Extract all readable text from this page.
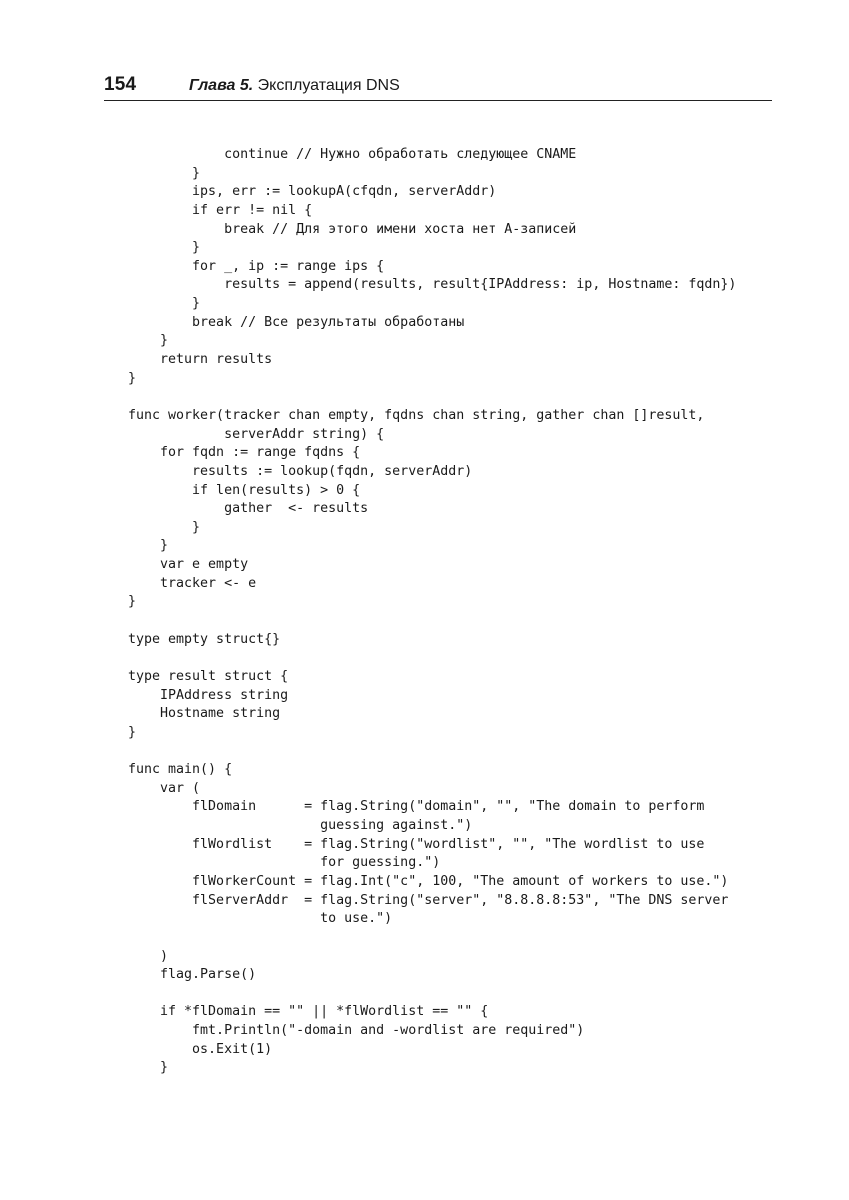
154	Глава 5. Эксплуатация DNS
continue // Нужно обработать следующее CNAME
}
ips, err := lookupA(cfqdn, serverAddr)
if err != nil {
break // Для этого имени хоста нет A-записей
}
for _, ip := range ips {
results = append(results, result{IPAddress: ip, Hostname: fqdn})
}
break // Все результаты обработаны
}
return results
}

func worker(tracker chan empty, fqdns chan string, gather chan []result,
serverAddr string) {
for fqdn := range fqdns {
results := lookup(fqdn, serverAddr)
if len(results) > 0 {
gather  <- results
}
}
var e empty
tracker <- e
}

type empty struct{}

type result struct {
IPAddress string
Hostname string
}

func main() {
var (
flDomain      = flag.String("domain", "", "The domain to perform
guessing against.")
flWordlist    = flag.String("wordlist", "", "The wordlist to use
for guessing.")
flWorkerCount = flag.Int("c", 100, "The amount of workers to use.")
flServerAddr  = flag.String("server", "8.8.8.8:53", "The DNS server
to use.")

)
flag.Parse()

if *flDomain == "" || *flWordlist == "" {
fmt.Println("-domain and -wordlist are required")
os.Exit(1)
}
